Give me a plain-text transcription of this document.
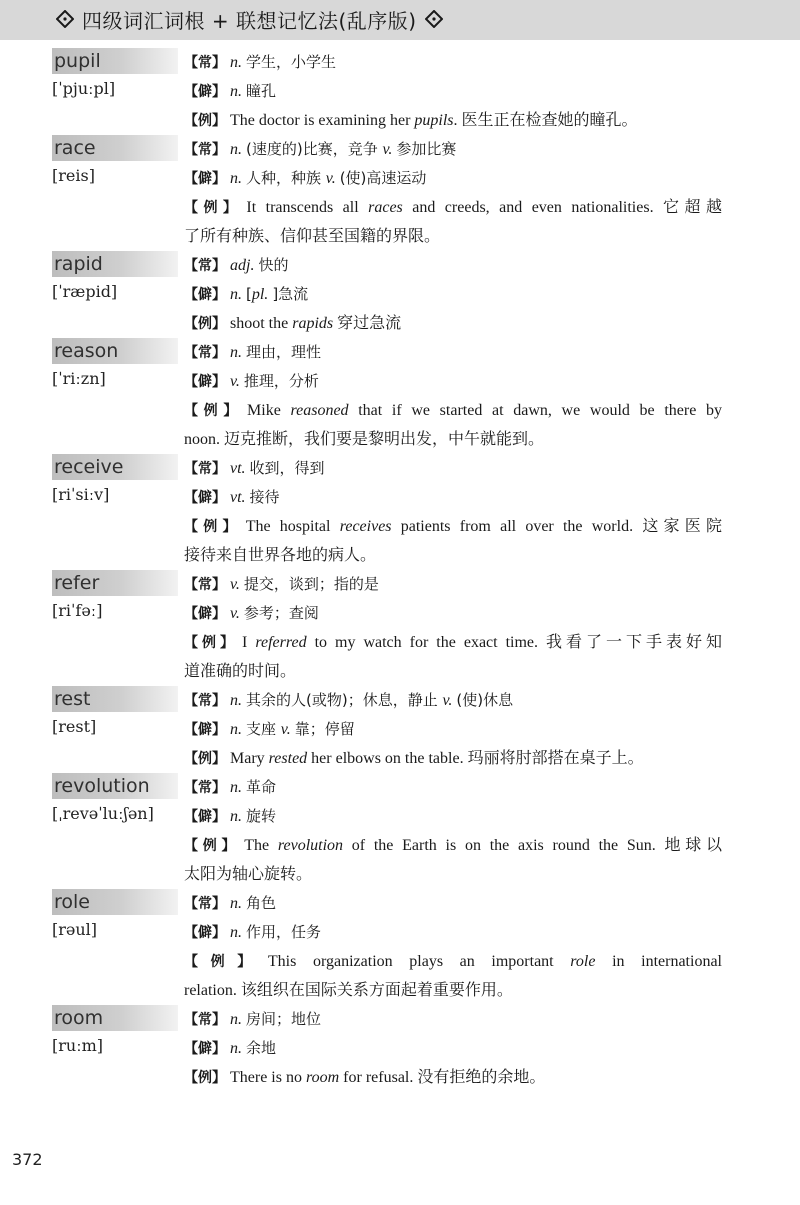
四级词汇词根 + 联想记忆法(乱序版)
pupil
[ˈpjuːpl]
【常】 n. 学生，小学生
【僻】 n. 瞳孔
【例】 The doctor is examining her pupils. 医生正在检查她的瞳孔。
race
[reis]
【常】 n. (速度的)比赛，竞争 v. 参加比赛
【僻】 n. 人种，种族 v. (使)高速运动
【例】 It transcends all races and creeds, and even nationalities. 它超越
了所有种族、信仰甚至国籍的界限。
rapid
[ˈræpid]
【常】 adj. 快的
【僻】 n. [pl. ]急流
【例】 shoot the rapids 穿过急流
reason
[ˈriːzn]
【常】 n. 理由，理性
【僻】 v. 推理，分析
【例】 Mike reasoned that if we started at dawn, we would be there by
noon. 迈克推断，我们要是黎明出发，中午就能到。
receive
[riˈsiːv]
【常】 vt. 收到，得到
【僻】 vt. 接待
【例】 The hospital receives patients from all over the world. 这家医院
接待来自世界各地的病人。
refer
[riˈfəː]
【常】 v. 提交，谈到；指的是
【僻】 v. 参考；查阅
【例】 I referred to my watch for the exact time. 我看了一下手表好知
道准确的时间。
rest
[rest]
【常】 n. 其余的人(或物)；休息，静止 v. (使)休息
【僻】 n. 支座 v. 靠；停留
【例】 Mary rested her elbows on the table. 玛丽将肘部搭在桌子上。
revolution
[ˌrevəˈluːʃən]
【常】 n. 革命
【僻】 n. 旋转
【例】 The revolution of the Earth is on the axis round the Sun. 地球以
太阳为轴心旋转。
role
[rəul]
【常】 n. 角色
【僻】 n. 作用，任务
【例】 This organization plays an important role in international
relation. 该组织在国际关系方面起着重要作用。
room
[ruːm]
【常】 n. 房间；地位
【僻】 n. 余地
【例】 There is no room for refusal. 没有拒绝的余地。
372
